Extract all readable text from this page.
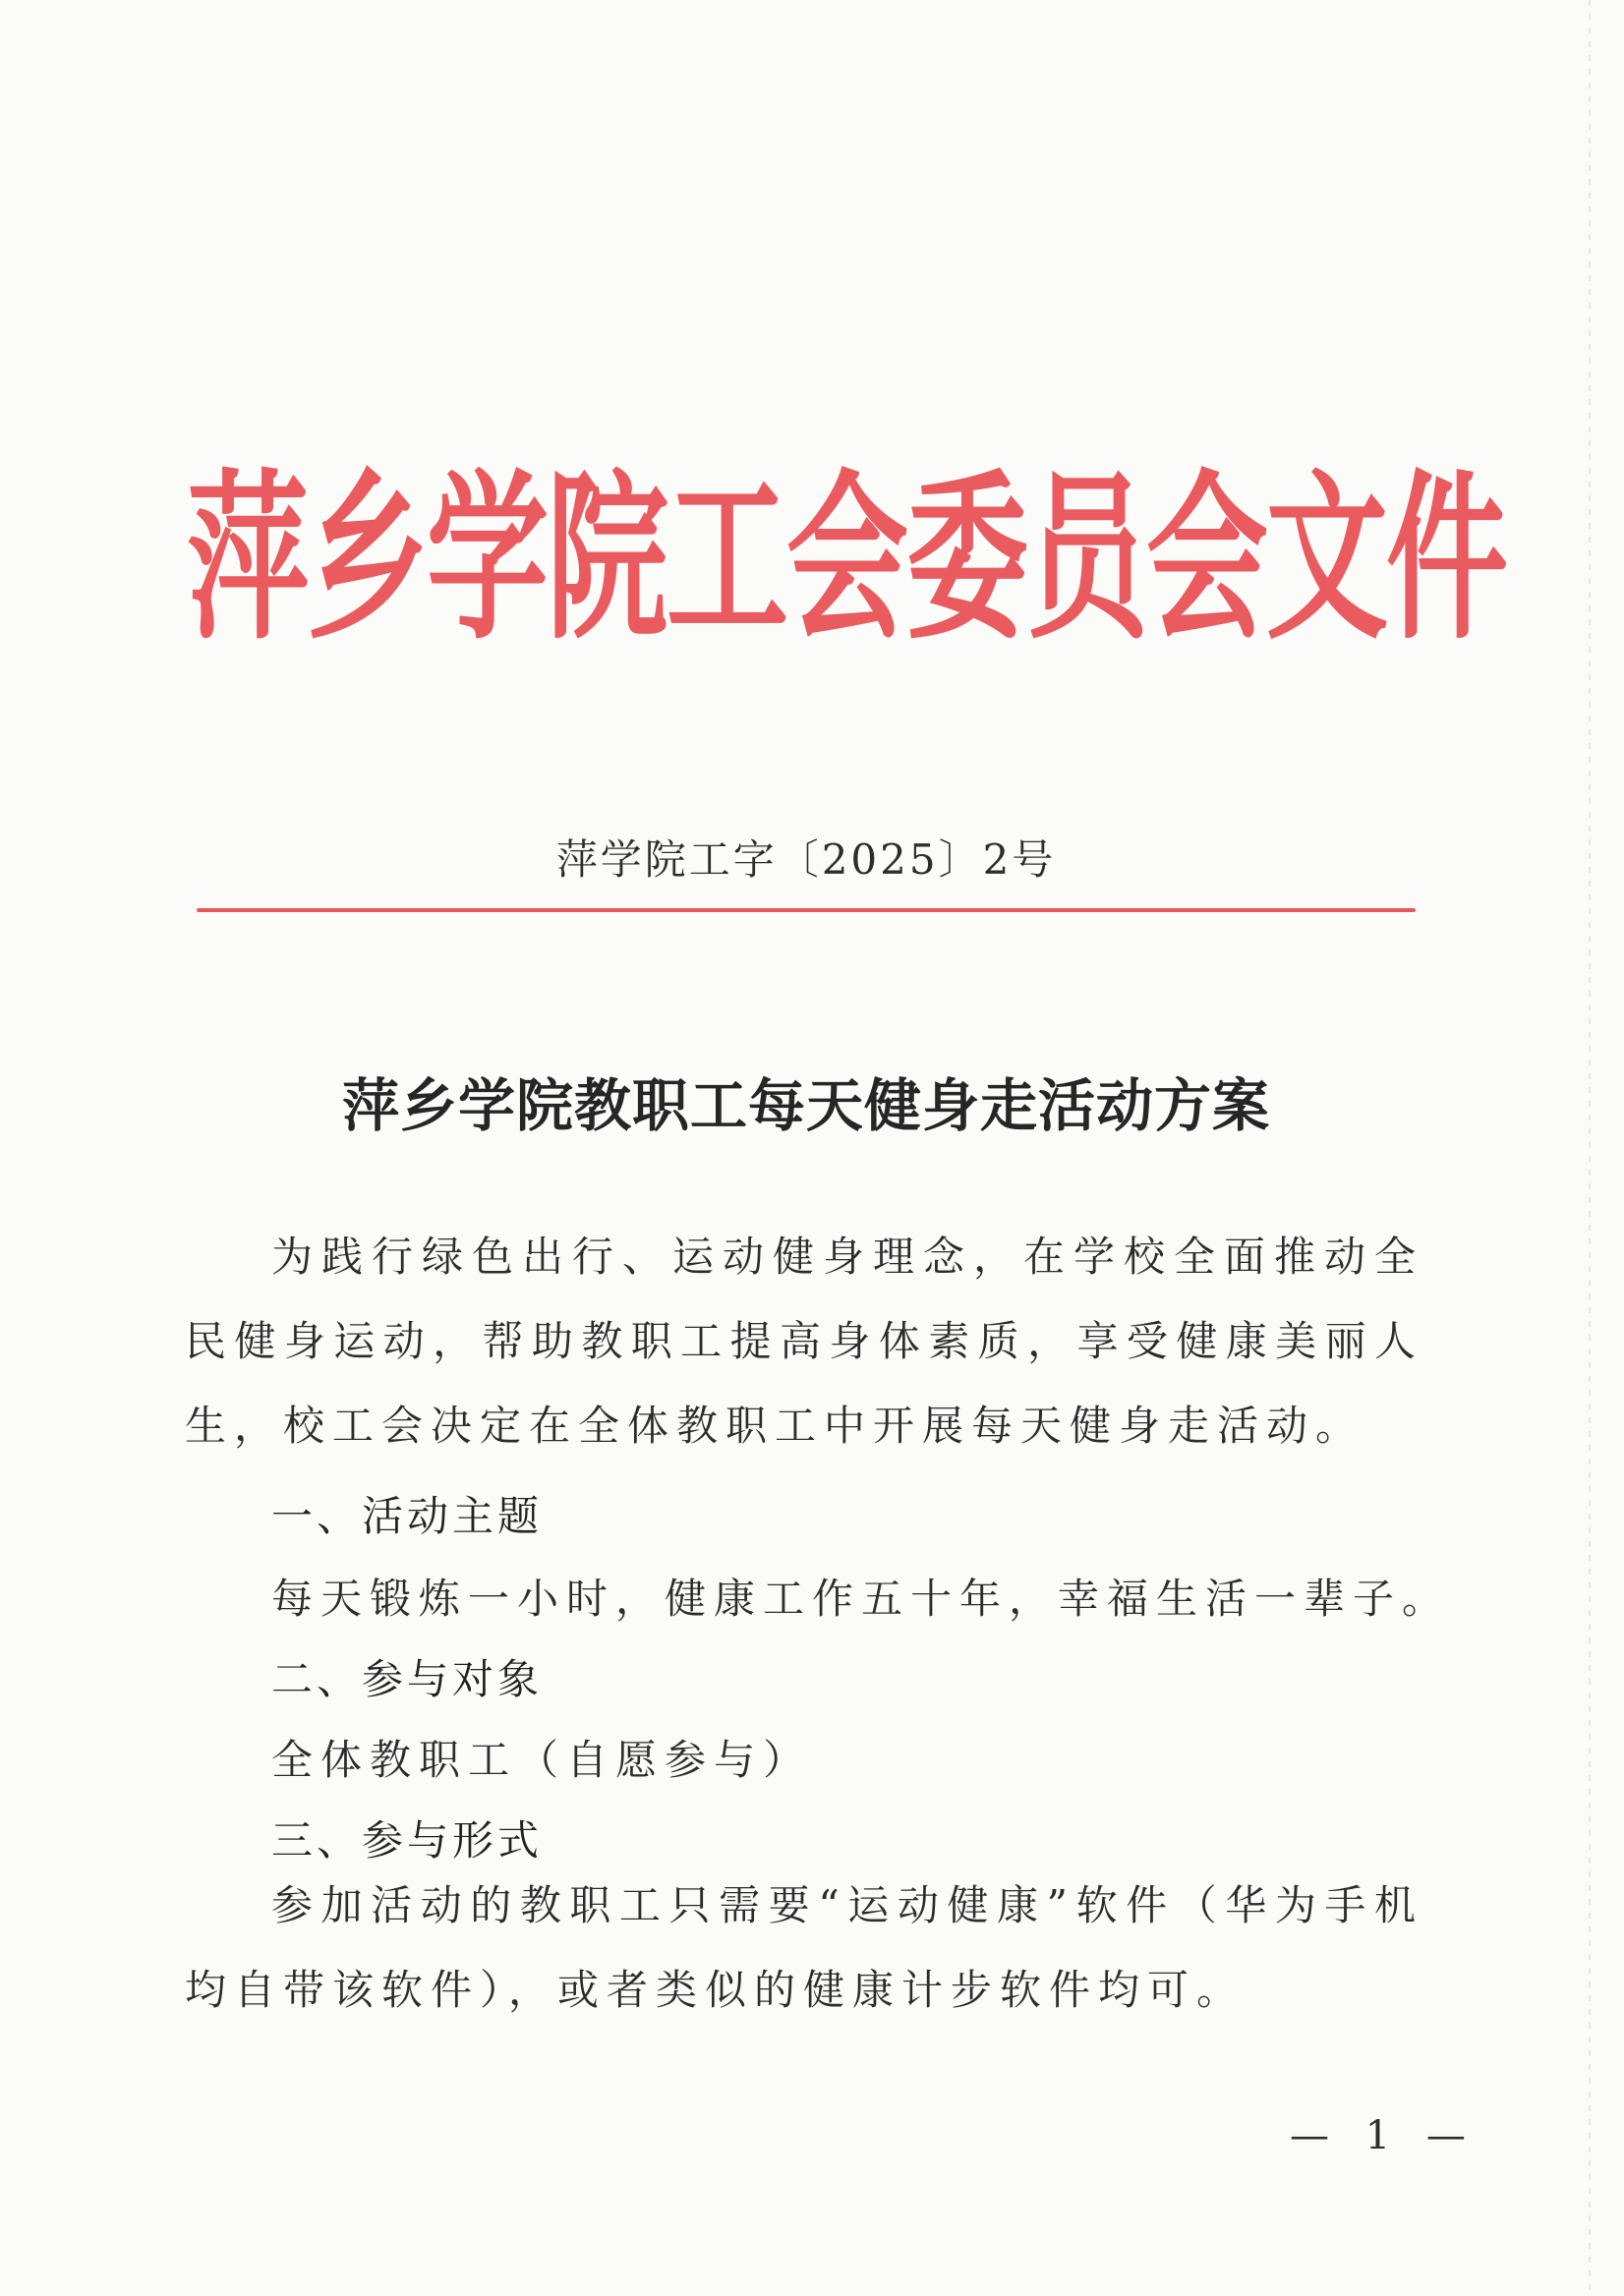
萍乡学院工会委员会文件
萍学院工字〔2025〕2号
萍乡学院教职工每天健身走活动方案
为践行绿色出行、运动健身理念，在学校全面推动全民健身运动，帮助教职工提高身体素质，享受健康美丽人生，校工会决定在全体教职工中开展每天健身走活动。
一、活动主题
每天锻炼一小时，健康工作五十年，幸福生活一辈子。
二、参与对象
全体教职工（自愿参与）
三、参与形式
参加活动的教职工只需要“运动健康”软件（华为手机均自带该软件），或者类似的健康计步软件均可。
— 1 —
